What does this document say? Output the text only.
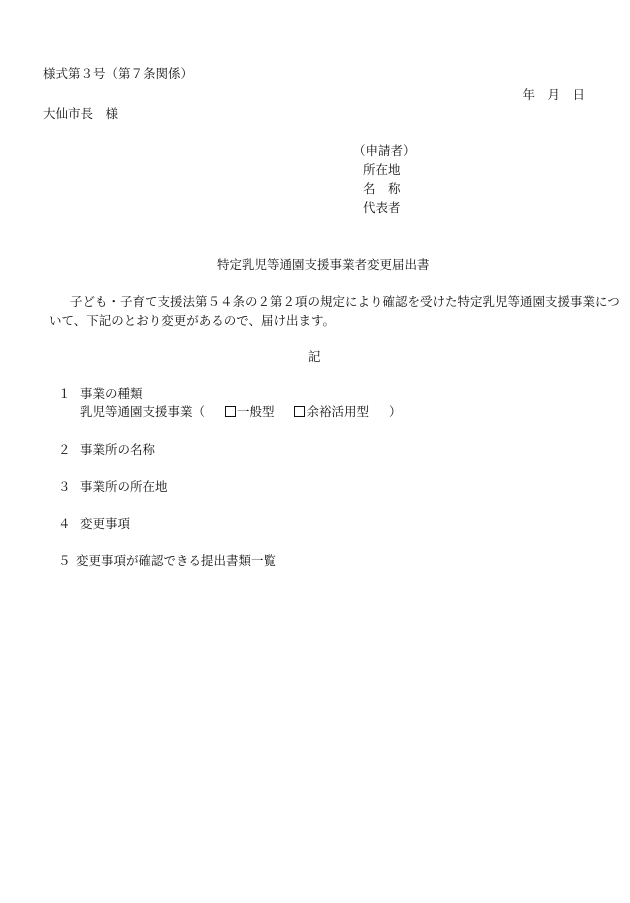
様式第３号（第７条関係）
年　月　日
大仙市長　様
（申請者）
所在地
名　称
代表者
特定乳児等通園支援事業者変更届出書
子ども・子育て支援法第５４条の２第２項の規定により確認を受けた特定乳児等通園支援事業につ
いて、下記のとおり変更があるので、届け出ます。
記
１ 事業の種類
乳児等通園支援事業（	一般型	余裕活用型 ）
２ 事業所の名称
３ 事業所の所在地
４ 変更事項
５ 変更事項が確認できる提出書類一覧
